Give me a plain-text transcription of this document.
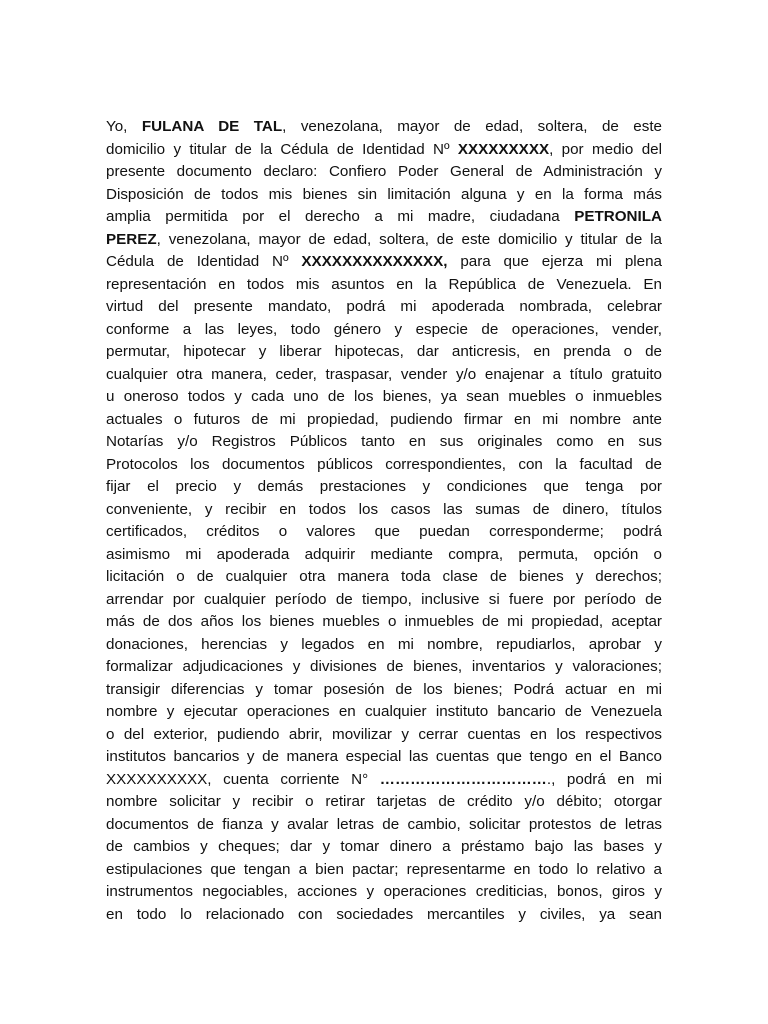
Yo, FULANA DE TAL, venezolana, mayor de edad, soltera, de este
domicilio y titular de la Cédula de Identidad Nº XXXXXXXXX, por medio del
presente documento declaro: Confiero Poder General de Administración y
Disposición de todos mis bienes sin limitación alguna y en la forma más
amplia permitida por el derecho a mi madre, ciudadana PETRONILA
PEREZ, venezolana, mayor de edad, soltera, de este domicilio y titular de la
Cédula de Identidad Nº XXXXXXXXXXXXXX, para que ejerza mi plena
representación en todos mis asuntos en la República de Venezuela. En
virtud del presente mandato, podrá mi apoderada nombrada, celebrar
conforme a las leyes, todo género y especie de operaciones, vender,
permutar, hipotecar y liberar hipotecas, dar anticresis, en prenda o de
cualquier otra manera, ceder, traspasar, vender y/o enajenar a título gratuito
u oneroso todos y cada uno de los bienes, ya sean muebles o inmuebles
actuales o futuros de mi propiedad, pudiendo firmar en mi nombre ante
Notarías y/o Registros Públicos tanto en sus originales como en sus
Protocolos los documentos públicos correspondientes, con la facultad de
fijar el precio y demás prestaciones y condiciones que tenga por
conveniente, y recibir en todos los casos las sumas de dinero, títulos
certificados, créditos o valores que puedan corresponderme; podrá
asimismo mi apoderada adquirir mediante compra, permuta, opción o
licitación o de cualquier otra manera toda clase de bienes y derechos;
arrendar por cualquier período de tiempo, inclusive si fuere por período de
más de dos años los bienes muebles o inmuebles de mi propiedad, aceptar
donaciones, herencias y legados en mi nombre, repudiarlos, aprobar y
formalizar adjudicaciones y divisiones de bienes, inventarios y valoraciones;
transigir diferencias y tomar posesión de los bienes; Podrá actuar en mi
nombre y ejecutar operaciones en cualquier instituto bancario de Venezuela
o del exterior, pudiendo abrir, movilizar y cerrar cuentas en los respectivos
institutos bancarios y de manera especial las cuentas que tengo en el Banco
XXXXXXXXXX, cuenta corriente N° ……………………………., podrá en mi
nombre solicitar y recibir o retirar tarjetas de crédito y/o débito; otorgar
documentos de fianza y avalar letras de cambio, solicitar protestos de letras
de cambios y cheques; dar y tomar dinero a préstamo bajo las bases y
estipulaciones que tengan a bien pactar; representarme en todo lo relativo a
instrumentos negociables, acciones y operaciones crediticias, bonos, giros y
en todo lo relacionado con sociedades mercantiles y civiles, ya sean
